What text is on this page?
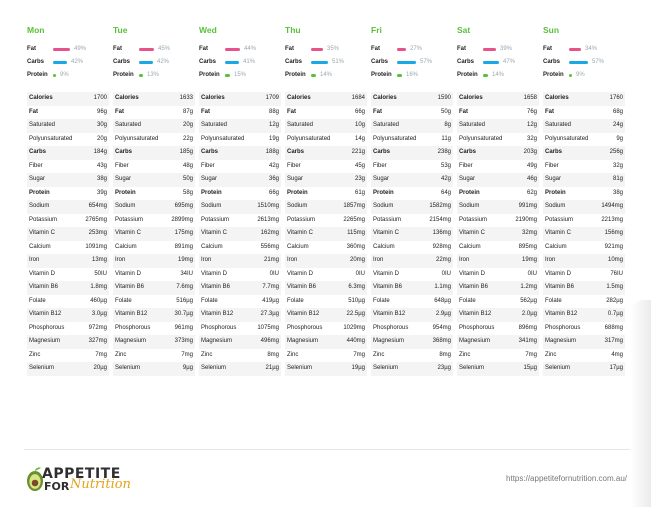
Mon
Fat	49%
Carbs	42%
Protein	9%
Calories	1700
Fat	96g
Saturated	30g
Polyunsaturated	20g
Carbs	184g
Fiber	43g
Sugar	38g
Protein	39g
Sodium	654mg
Potassium	2765mg
Vitamin C	253mg
Calcium	1091mg
Iron	13mg
Vitamin D	50IU
Vitamin B6	1.8mg
Folate	460µg
Vitamin B12	3.0µg
Phosphorous	972mg
Magnesium	327mg
Zinc	7mg
Selenium	20µg
Tue
Fat	45%
Carbs	42%
Protein	13%
Calories	1633
Fat	87g
Saturated	20g
Polyunsaturated	22g
Carbs	185g
Fiber	48g
Sugar	50g
Protein	58g
Sodium	695mg
Potassium	2899mg
Vitamin C	175mg
Calcium	891mg
Iron	19mg
Vitamin D	34IU
Vitamin B6	7.6mg
Folate	516µg
Vitamin B12	30.7µg
Phosphorous	961mg
Magnesium	373mg
Zinc	7mg
Selenium	9µg
Wed
Fat	44%
Carbs	41%
Protein	15%
Calories	1709
Fat	88g
Saturated	12g
Polyunsaturated	19g
Carbs	188g
Fiber	42g
Sugar	36g
Protein	66g
Sodium	1510mg
Potassium	2613mg
Vitamin C	162mg
Calcium	556mg
Iron	21mg
Vitamin D	0IU
Vitamin B6	7.7mg
Folate	419µg
Vitamin B12	27.3µg
Phosphorous	1075mg
Magnesium	496mg
Zinc	8mg
Selenium	21µg
Thu
Fat	35%
Carbs	51%
Protein	14%
Calories	1684
Fat	66g
Saturated	10g
Polyunsaturated	14g
Carbs	221g
Fiber	45g
Sugar	23g
Protein	61g
Sodium	1857mg
Potassium	2265mg
Vitamin C	115mg
Calcium	360mg
Iron	20mg
Vitamin D	0IU
Vitamin B6	6.3mg
Folate	510µg
Vitamin B12	22.5µg
Phosphorous	1029mg
Magnesium	440mg
Zinc	7mg
Selenium	19µg
Fri
Fat	27%
Carbs	57%
Protein	16%
Calories	1590
Fat	50g
Saturated	8g
Polyunsaturated	11g
Carbs	238g
Fiber	53g
Sugar	42g
Protein	64g
Sodium	1582mg
Potassium	2154mg
Vitamin C	136mg
Calcium	928mg
Iron	22mg
Vitamin D	0IU
Vitamin B6	1.1mg
Folate	648µg
Vitamin B12	2.9µg
Phosphorous	954mg
Magnesium	368mg
Zinc	8mg
Selenium	23µg
Sat
Fat	39%
Carbs	47%
Protein	14%
Calories	1658
Fat	76g
Saturated	12g
Polyunsaturated	32g
Carbs	203g
Fiber	49g
Sugar	46g
Protein	62g
Sodium	991mg
Potassium	2190mg
Vitamin C	32mg
Calcium	895mg
Iron	19mg
Vitamin D	0IU
Vitamin B6	1.2mg
Folate	562µg
Vitamin B12	2.0µg
Phosphorous	896mg
Magnesium	341mg
Zinc	7mg
Selenium	15µg
Sun
Fat	34%
Carbs	57%
Protein	9%
Calories	1760
Fat	68g
Saturated	24g
Polyunsaturated	9g
Carbs	256g
Fiber	32g
Sugar	81g
Protein	38g
Sodium	1494mg
Potassium	2213mg
Vitamin C	156mg
Calcium	921mg
Iron	10mg
Vitamin D	76IU
Vitamin B6	1.5mg
Folate	282µg
Vitamin B12	0.7µg
Phosphorous	688mg
Magnesium	317mg
Zinc	4mg
Selenium	17µg
APPETITE
FOR Nutrition	https://appetitefornutrition.com.au/
